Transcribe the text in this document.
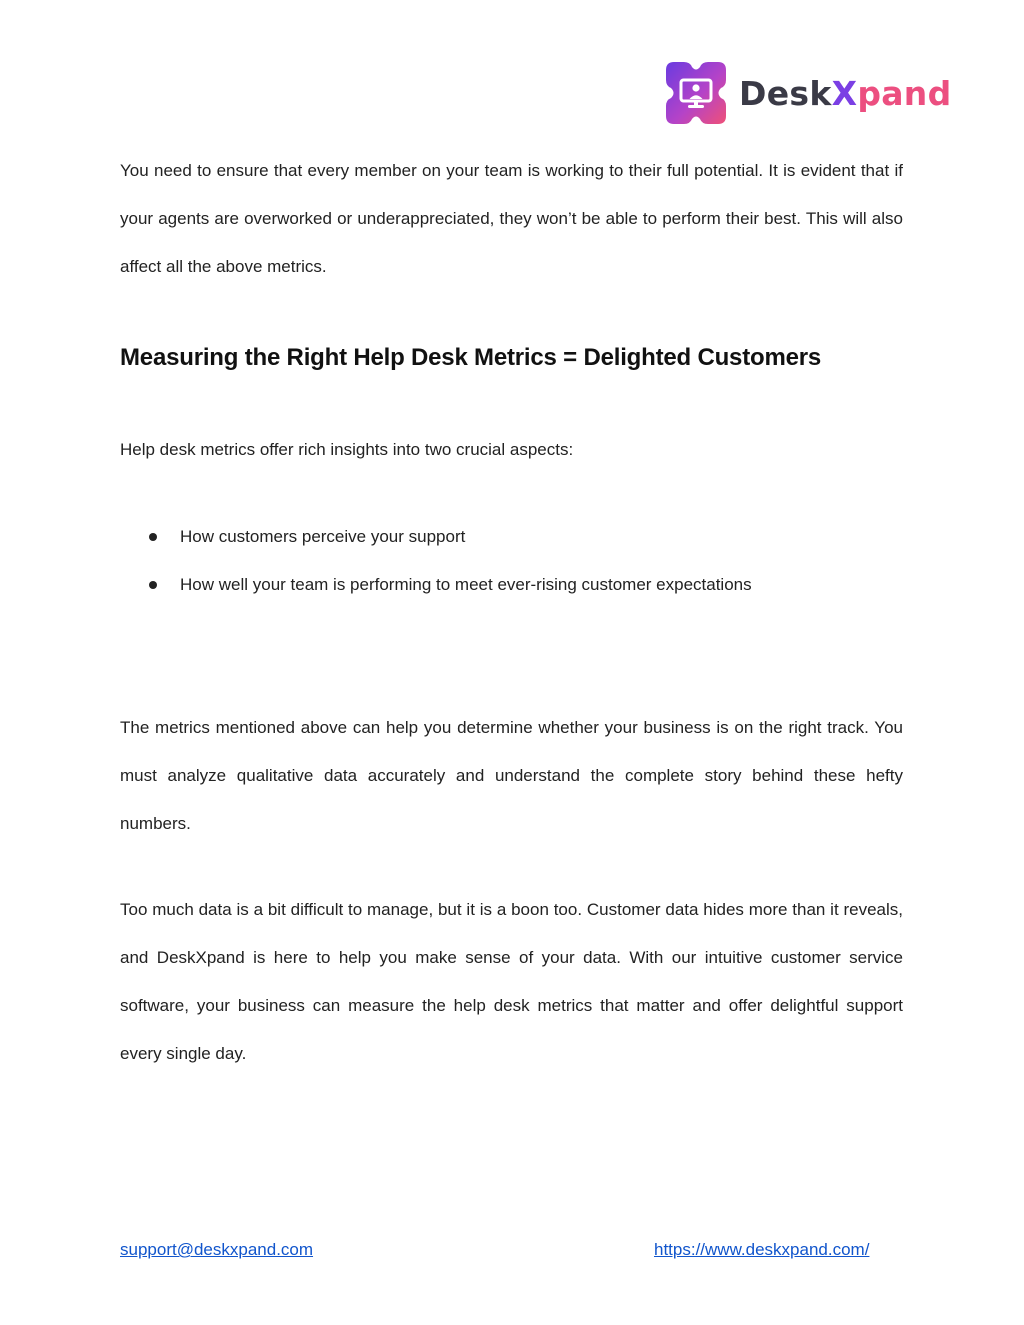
DeskXpand

You need to ensure that every member on your team is working to their full potential. It is evident that if your agents are overworked or underappreciated, they won’t be able to perform their best. This will also affect all the above metrics.

Measuring the Right Help Desk Metrics = Delighted Customers

Help desk metrics offer rich insights into two crucial aspects:

How customers perceive your support
How well your team is performing to meet ever-rising customer expectations

The metrics mentioned above can help you determine whether your business is on the right track. You must analyze qualitative data accurately and understand the complete story behind these hefty numbers.

Too much data is a bit difficult to manage, but it is a boon too. Customer data hides more than it reveals, and DeskXpand is here to help you make sense of your data. With our intuitive customer service software, your business can measure the help desk metrics that matter and offer delightful support every single day.

support@deskxpand.com	https://www.deskxpand.com/
